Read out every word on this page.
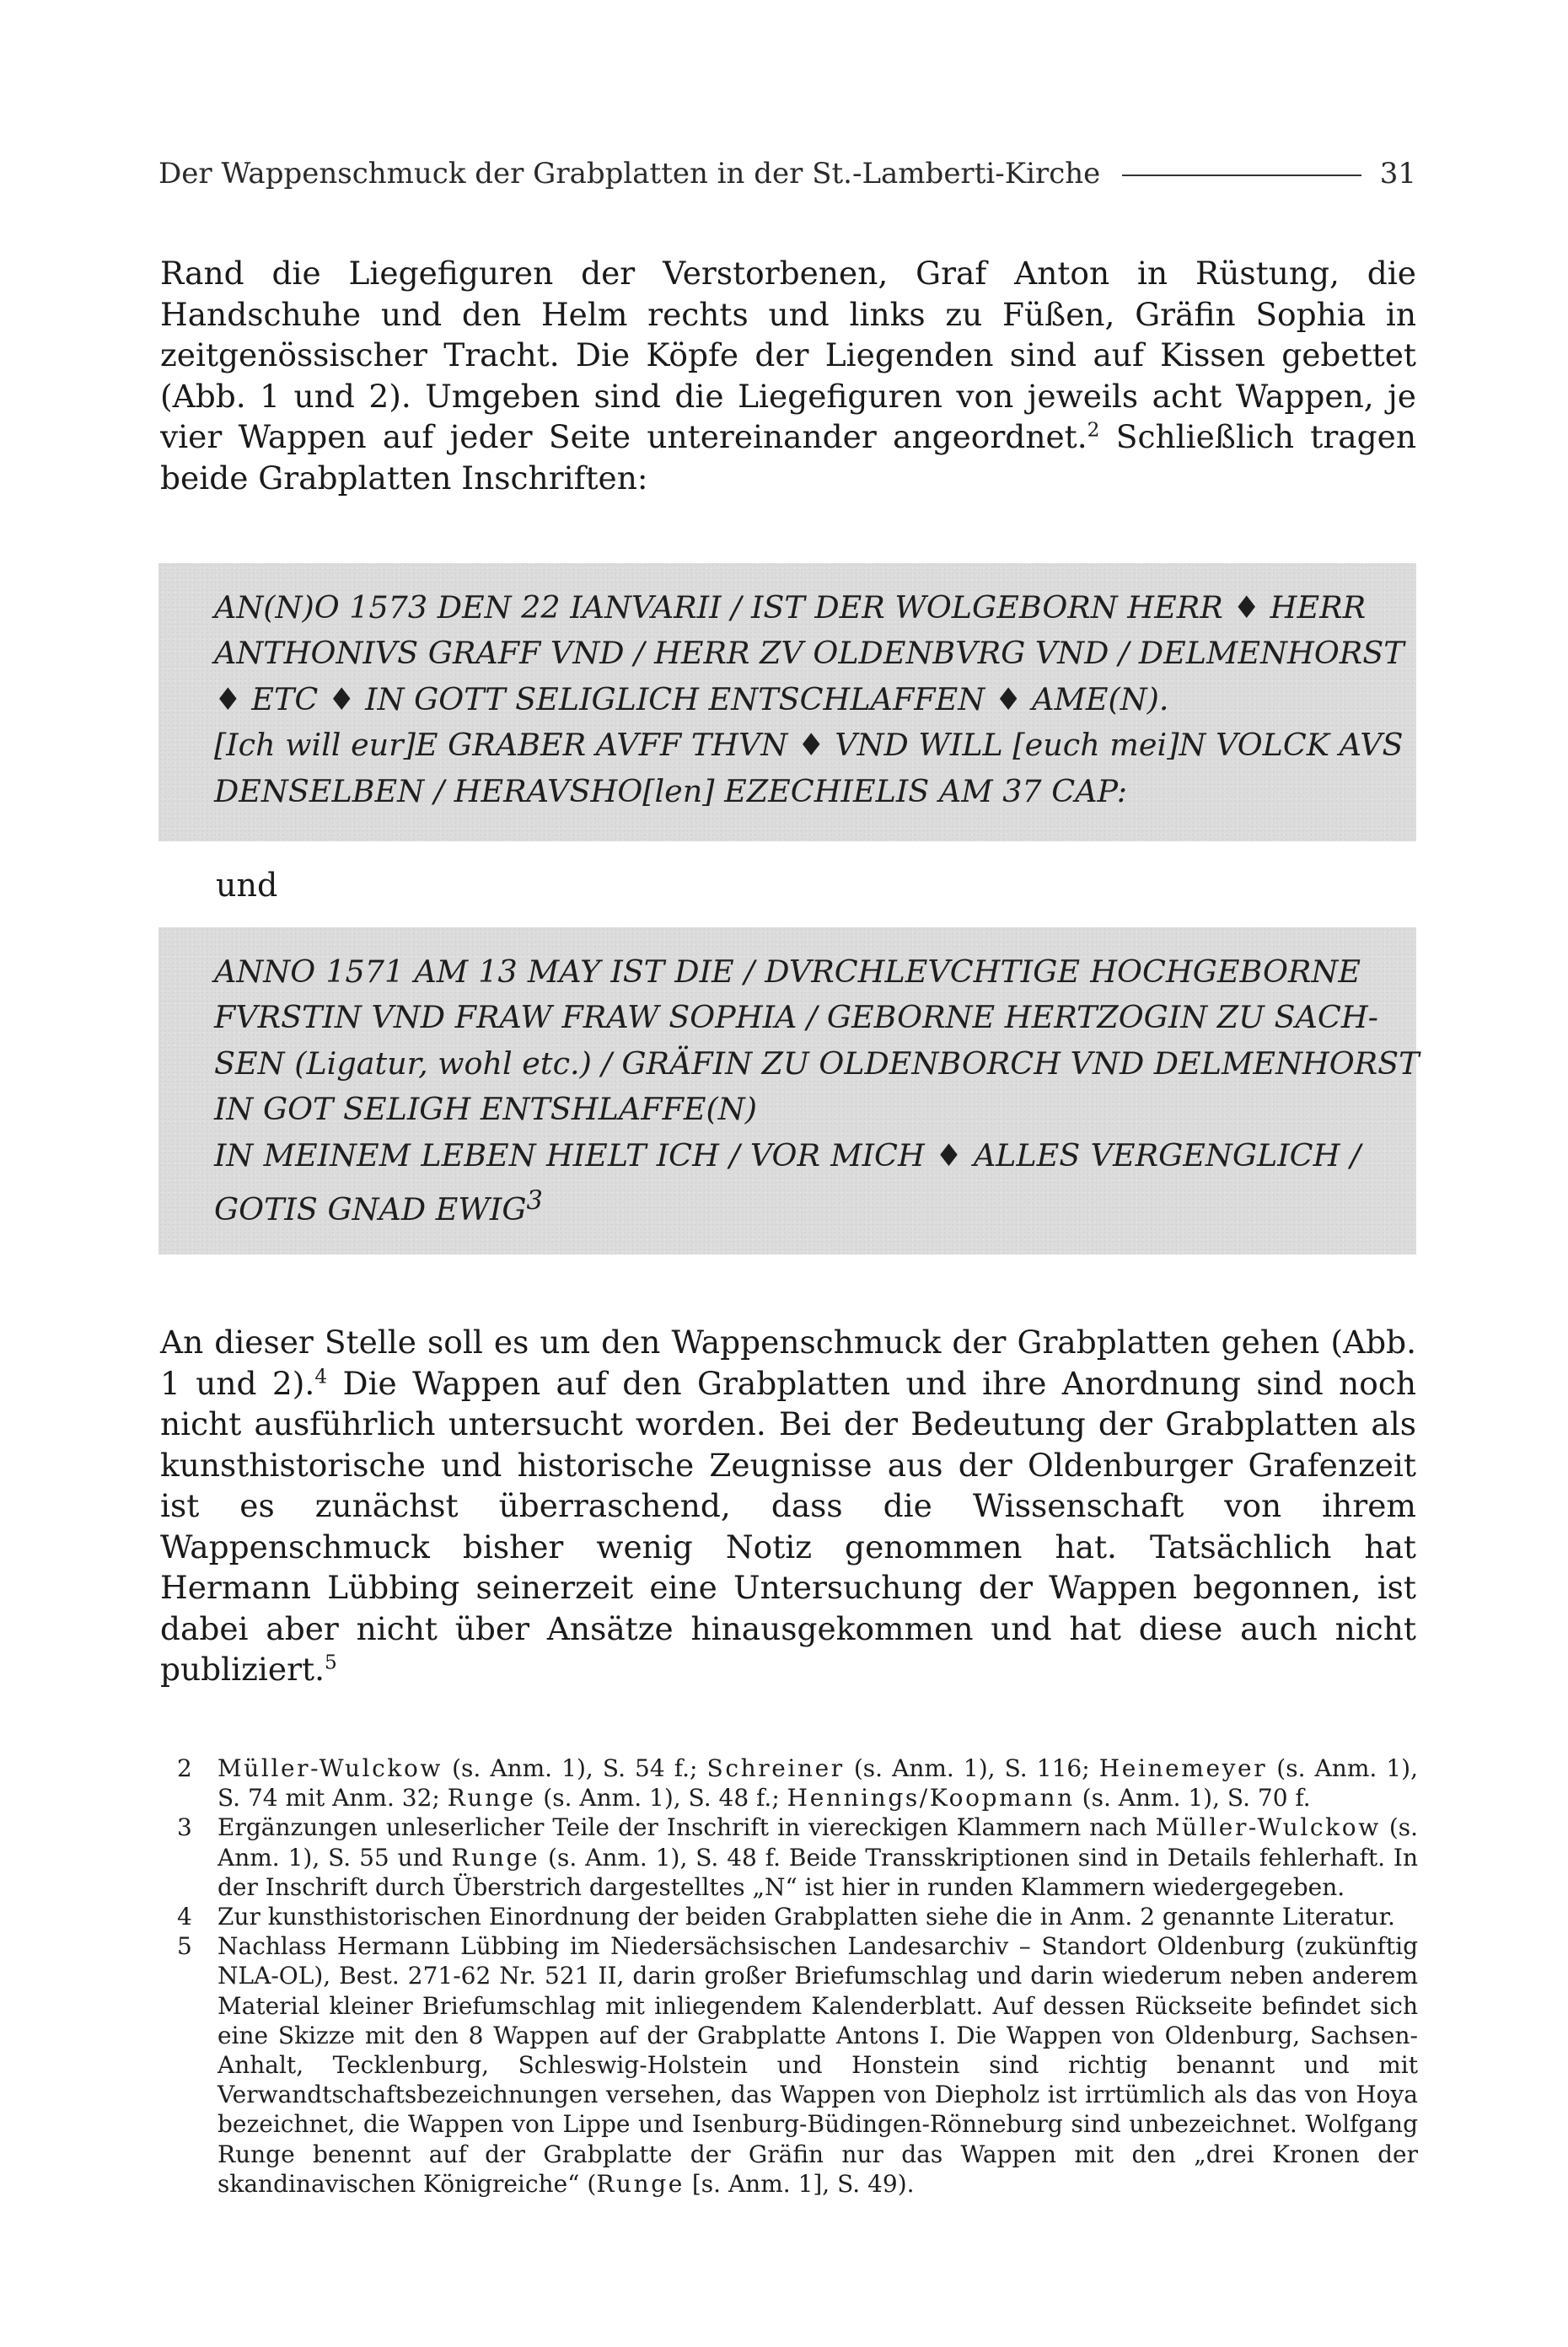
Der Wappenschmuck der Grabplatten in der St.-Lamberti-Kirche	31
Rand die Liegefiguren der Verstorbenen, Graf Anton in Rüstung, die Handschuhe und den Helm rechts und links zu Füßen, Gräfin Sophia in zeitgenössischer Tracht. Die Köpfe der Liegenden sind auf Kissen gebettet (Abb. 1 und 2). Umgeben sind die Liegefiguren von jeweils acht Wappen, je vier Wappen auf jeder Seite untereinander angeordnet.$^2$ Schließlich tragen beide Grabplatten Inschriften:
AN(N)O 1573 DEN 22 IANVARII / IST DER WOLGEBORN HERR ♦ HERR
ANTHONIVS GRAFF VND / HERR ZV OLDENBVRG VND / DELMENHORST
♦ ETC ♦ IN GOTT SELIGLICH ENTSCHLAFFEN ♦ AME(N).
[Ich will eur]E GRABER AVFF THVN ♦ VND WILL [euch mei]N VOLCK AVS
DENSELBEN / HERAVSHO[len] EZECHIELIS AM 37 CAP:
und
ANNO 1571 AM 13 MAY IST DIE / DVRCHLEVCHTIGE HOCHGEBORNE
FVRSTIN VND FRAW FRAW SOPHIA / GEBORNE HERTZOGIN ZU SACH-
SEN (Ligatur, wohl etc.) / GRÄFIN ZU OLDENBORCH VND DELMENHORST
IN GOT SELIGH ENTSHLAFFE(N)
IN MEINEM LEBEN HIELT ICH / VOR MICH ♦ ALLES VERGENGLICH /
GOTIS GNAD EWIG$^3$
An dieser Stelle soll es um den Wappenschmuck der Grabplatten gehen (Abb. 1 und 2).$^4$ Die Wappen auf den Grabplatten und ihre Anordnung sind noch nicht ausführlich untersucht worden. Bei der Bedeutung der Grabplatten als kunsthistorische und historische Zeugnisse aus der Oldenburger Grafenzeit ist es zunächst überraschend, dass die Wissenschaft von ihrem Wappenschmuck bisher wenig Notiz genommen hat. Tatsächlich hat Hermann Lübbing seinerzeit eine Untersuchung der Wappen begonnen, ist dabei aber nicht über Ansätze hinausgekommen und hat diese auch nicht publiziert.$^5$
2	Müller-Wulckow (s. Anm. 1), S. 54 f.; Schreiner (s. Anm. 1), S. 116; Heinemeyer (s. Anm. 1), S. 74 mit Anm. 32; Runge (s. Anm. 1), S. 48 f.; Hennings/Koopmann (s. Anm. 1), S. 70 f.
3	Ergänzungen unleserlicher Teile der Inschrift in viereckigen Klammern nach Müller-Wulckow (s. Anm. 1), S. 55 und Runge (s. Anm. 1), S. 48 f. Beide Transskriptionen sind in Details fehlerhaft. In der Inschrift durch Überstrich dargestelltes „N“ ist hier in runden Klammern wiedergegeben.
4	Zur kunsthistorischen Einordnung der beiden Grabplatten siehe die in Anm. 2 genannte Literatur.
5	Nachlass Hermann Lübbing im Niedersächsischen Landesarchiv – Standort Oldenburg (zukünftig NLA-OL), Best. 271-62 Nr. 521 II, darin großer Briefumschlag und darin wiederum neben anderem Material kleiner Briefumschlag mit inliegendem Kalenderblatt. Auf dessen Rückseite befindet sich eine Skizze mit den 8 Wappen auf der Grabplatte Antons I. Die Wappen von Oldenburg, Sachsen-Anhalt, Tecklenburg, Schleswig-Holstein und Honstein sind richtig benannt und mit Verwandtschaftsbezeichnungen versehen, das Wappen von Diepholz ist irrtümlich als das von Hoya bezeichnet, die Wappen von Lippe und Isenburg-Büdingen-Rönneburg sind unbezeichnet. Wolfgang Runge benennt auf der Grabplatte der Gräfin nur das Wappen mit den „drei Kronen der skandinavischen Königreiche“ (Runge [s. Anm. 1], S. 49).
